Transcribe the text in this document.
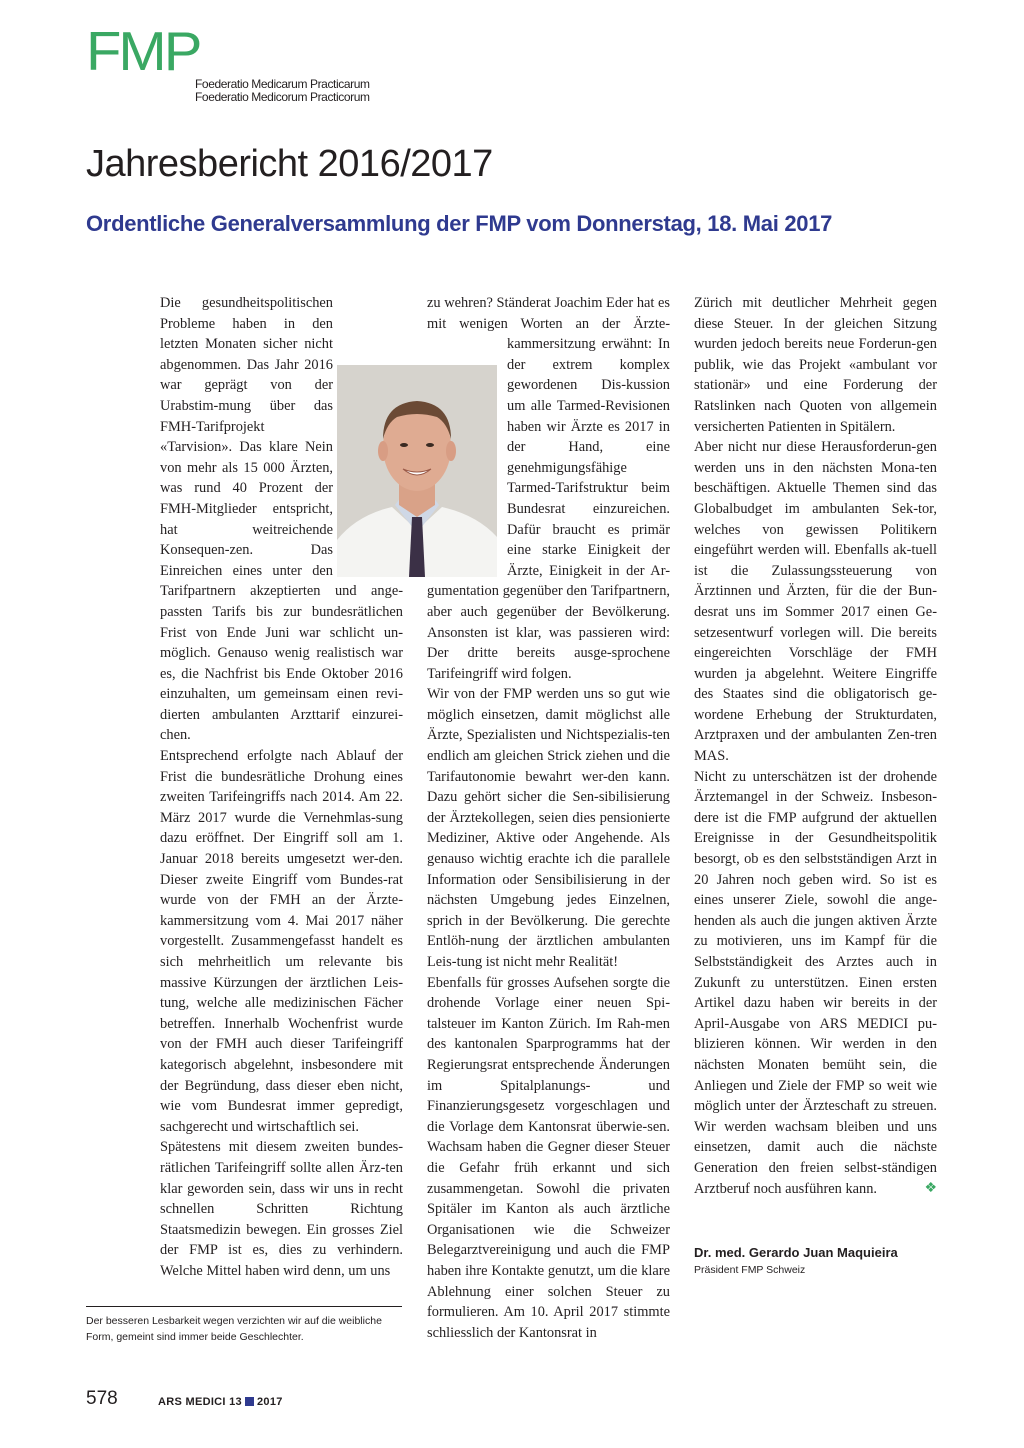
FMP
Foederatio Medicarum Practicarum
Foederatio Medicorum Practicorum
Jahresbericht 2016/2017
Ordentliche Generalversammlung der FMP vom Donnerstag, 18. Mai 2017

Die gesundheitspolitischen Probleme haben in den letzten Monaten sicher nicht abgenommen. Das Jahr 2016 war geprägt von der Urabstim-mung über das FMH-Tarifprojekt «Tarvision». Das klare Nein von mehr als 15 000 Ärzten, was rund 40 Prozent der FMH-Mitglieder entspricht, hat weitreichende Konsequen-zen. Das Einreichen eines unter den Tarifpartnern akzeptierten und ange-passten Tarifs bis zur bundesrätlichen Frist von Ende Juni war schlicht un-möglich. Genauso wenig realistisch war es, die Nachfrist bis Ende Oktober 2016 einzuhalten, um gemeinsam einen revi-dierten ambulanten Arzttarif einzurei-chen.

Entsprechend erfolgte nach Ablauf der Frist die bundesrätliche Drohung eines zweiten Tarifeingriffs nach 2014. Am 22. März 2017 wurde die Vernehmlas-sung dazu eröffnet. Der Eingriff soll am 1. Januar 2018 bereits umgesetzt wer-den. Dieser zweite Eingriff vom Bundes-rat wurde von der FMH an der Ärzte-kammersitzung vom 4. Mai 2017 näher vorgestellt. Zusammengefasst handelt es sich mehrheitlich um relevante bis massive Kürzungen der ärztlichen Leis-tung, welche alle medizinischen Fächer betreffen. Innerhalb Wochenfrist wurde von der FMH auch dieser Tarifeingriff kategorisch abgelehnt, insbesondere mit der Begründung, dass dieser eben nicht, wie vom Bundesrat immer gepredigt, sachgerecht und wirtschaftlich sei.

Spätestens mit diesem zweiten bundes-rätlichen Tarifeingriff sollte allen Ärz-ten klar geworden sein, dass wir uns in recht schnellen Schritten Richtung Staatsmedizin bewegen. Ein grosses Ziel der FMP ist es, dies zu verhindern. Welche Mittel haben wird denn, um uns

zu wehren? Ständerat Joachim Eder hat es mit wenigen Worten an der Ärzte-kammersitzung erwähnt: In der extrem komplex gewordenen Dis-kussion um alle Tarmed-Revisionen haben wir Ärzte es 2017 in der Hand, eine genehmigungsfähige Tarmed-Tarifstruktur beim Bundesrat einzureichen. Dafür braucht es primär eine starke Einigkeit der Ärzte, Einigkeit in der Ar-gumentation gegenüber den Tarifpartnern, aber auch gegenüber der Bevölkerung. Ansonsten ist klar, was passieren wird: Der dritte bereits ausge-sprochene Tarifeingriff wird folgen.

Wir von der FMP werden uns so gut wie möglich einsetzen, damit möglichst alle Ärzte, Spezialisten und Nichtspezialis-ten endlich am gleichen Strick ziehen und die Tarifautonomie bewahrt wer-den kann. Dazu gehört sicher die Sen-sibilisierung der Ärztekollegen, seien dies pensionierte Mediziner, Aktive oder Angehende. Als genauso wichtig erachte ich die parallele Information oder Sensibilisierung in der nächsten Umgebung jedes Einzelnen, sprich in der Bevölkerung. Die gerechte Entlöh-nung der ärztlichen ambulanten Leis-tung ist nicht mehr Realität!

Ebenfalls für grosses Aufsehen sorgte die drohende Vorlage einer neuen Spi-talsteuer im Kanton Zürich. Im Rah-men des kantonalen Sparprogramms hat der Regierungsrat entsprechende Änderungen im Spitalplanungs- und Finanzierungsgesetz vorgeschlagen und die Vorlage dem Kantonsrat überwie-sen. Wachsam haben die Gegner dieser Steuer die Gefahr früh erkannt und sich zusammengetan. Sowohl die privaten Spitäler im Kanton als auch ärztliche Organisationen wie die Schweizer Belegarztvereinigung und auch die FMP haben ihre Kontakte genutzt, um die klare Ablehnung einer solchen Steuer zu formulieren. Am 10. April 2017 stimmte schliesslich der Kantonsrat in

Zürich mit deutlicher Mehrheit gegen diese Steuer. In der gleichen Sitzung wurden jedoch bereits neue Forderun-gen publik, wie das Projekt «ambulant vor stationär» und eine Forderung der Ratslinken nach Quoten von allgemein versicherten Patienten in Spitälern.

Aber nicht nur diese Herausforderun-gen werden uns in den nächsten Mona-ten beschäftigen. Aktuelle Themen sind das Globalbudget im ambulanten Sek-tor, welches von gewissen Politikern eingeführt werden will. Ebenfalls ak-tuell ist die Zulassungssteuerung von Ärztinnen und Ärzten, für die der Bun-desrat uns im Sommer 2017 einen Ge-setzesentwurf vorlegen will. Die bereits eingereichten Vorschläge der FMH wurden ja abgelehnt. Weitere Eingriffe des Staates sind die obligatorisch ge-wordene Erhebung der Strukturdaten, Arztpraxen und der ambulanten Zen-tren MAS.

Nicht zu unterschätzen ist der drohende Ärztemangel in der Schweiz. Insbeson-dere ist die FMP aufgrund der aktuellen Ereignisse in der Gesundheitspolitik besorgt, ob es den selbstständigen Arzt in 20 Jahren noch geben wird. So ist es eines unserer Ziele, sowohl die ange-henden als auch die jungen aktiven Ärzte zu motivieren, uns im Kampf für die Selbstständigkeit des Arztes auch in Zukunft zu unterstützen. Einen ersten Artikel dazu haben wir bereits in der April-Ausgabe von ARS MEDICI pu-blizieren können. Wir werden in den nächsten Monaten bemüht sein, die Anliegen und Ziele der FMP so weit wie möglich unter der Ärzteschaft zu streuen. Wir werden wachsam bleiben und uns einsetzen, damit auch die nächste Generation den freien selbst-ständigen Arztberuf noch ausführen kann.	❖

Dr. med. Gerardo Juan Maquieira
Präsident FMP Schweiz
Der besseren Lesbarkeit wegen verzichten wir auf die weibliche Form, gemeint sind immer beide Geschlechter.
578	ARS MEDICI 13 2017
